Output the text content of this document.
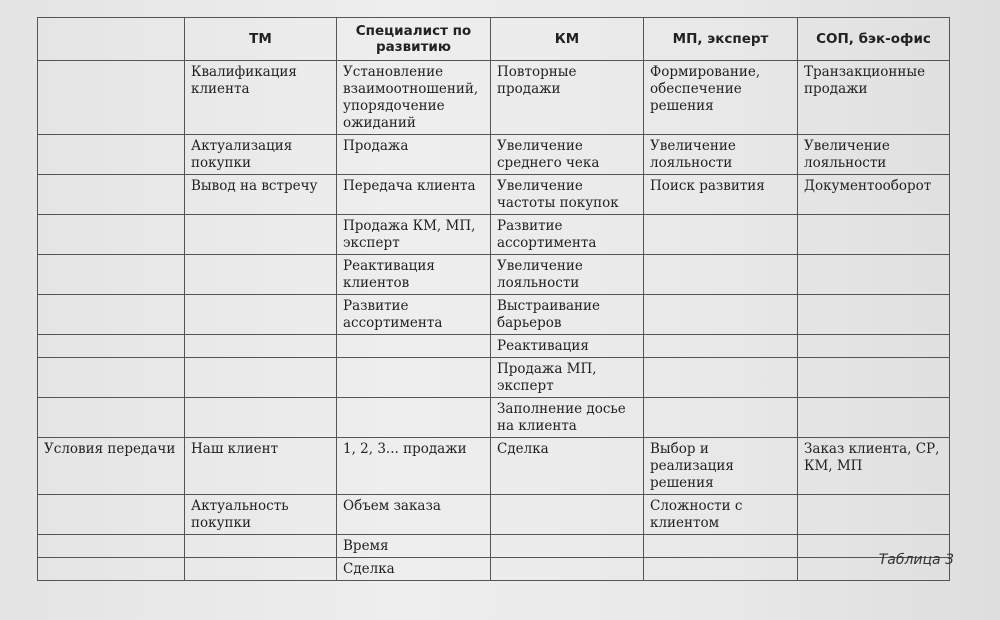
	ТМ	Специалист по развитию	КМ	МП, эксперт	СОП, бэк-офис
	Квалификация клиента	Установление взаимоотношений, упорядочение ожиданий	Повторные продажи	Формирование, обеспечение решения	Транзакционные продажи
	Актуализация покупки	Продажа	Увеличение среднего чека	Увеличение лояльности	Увеличение лояльности
	Вывод на встречу	Передача клиента	Увеличение частоты покупок	Поиск развития	Документооборот
		Продажа КМ, МП, эксперт	Развитие ассортимента		
		Реактивация клиентов	Увеличение лояльности		
		Развитие ассортимента	Выстраивание барьеров		
			Реактивация		
			Продажа МП, эксперт		
			Заполнение досье на клиента		
Условия передачи	Наш клиент	1, 2, 3... продажи	Сделка	Выбор и реализация решения	Заказ клиента, СР, КМ, МП
	Актуальность покупки	Объем заказа		Сложности с клиентом	
		Время			
		Сделка			
Таблица 3
